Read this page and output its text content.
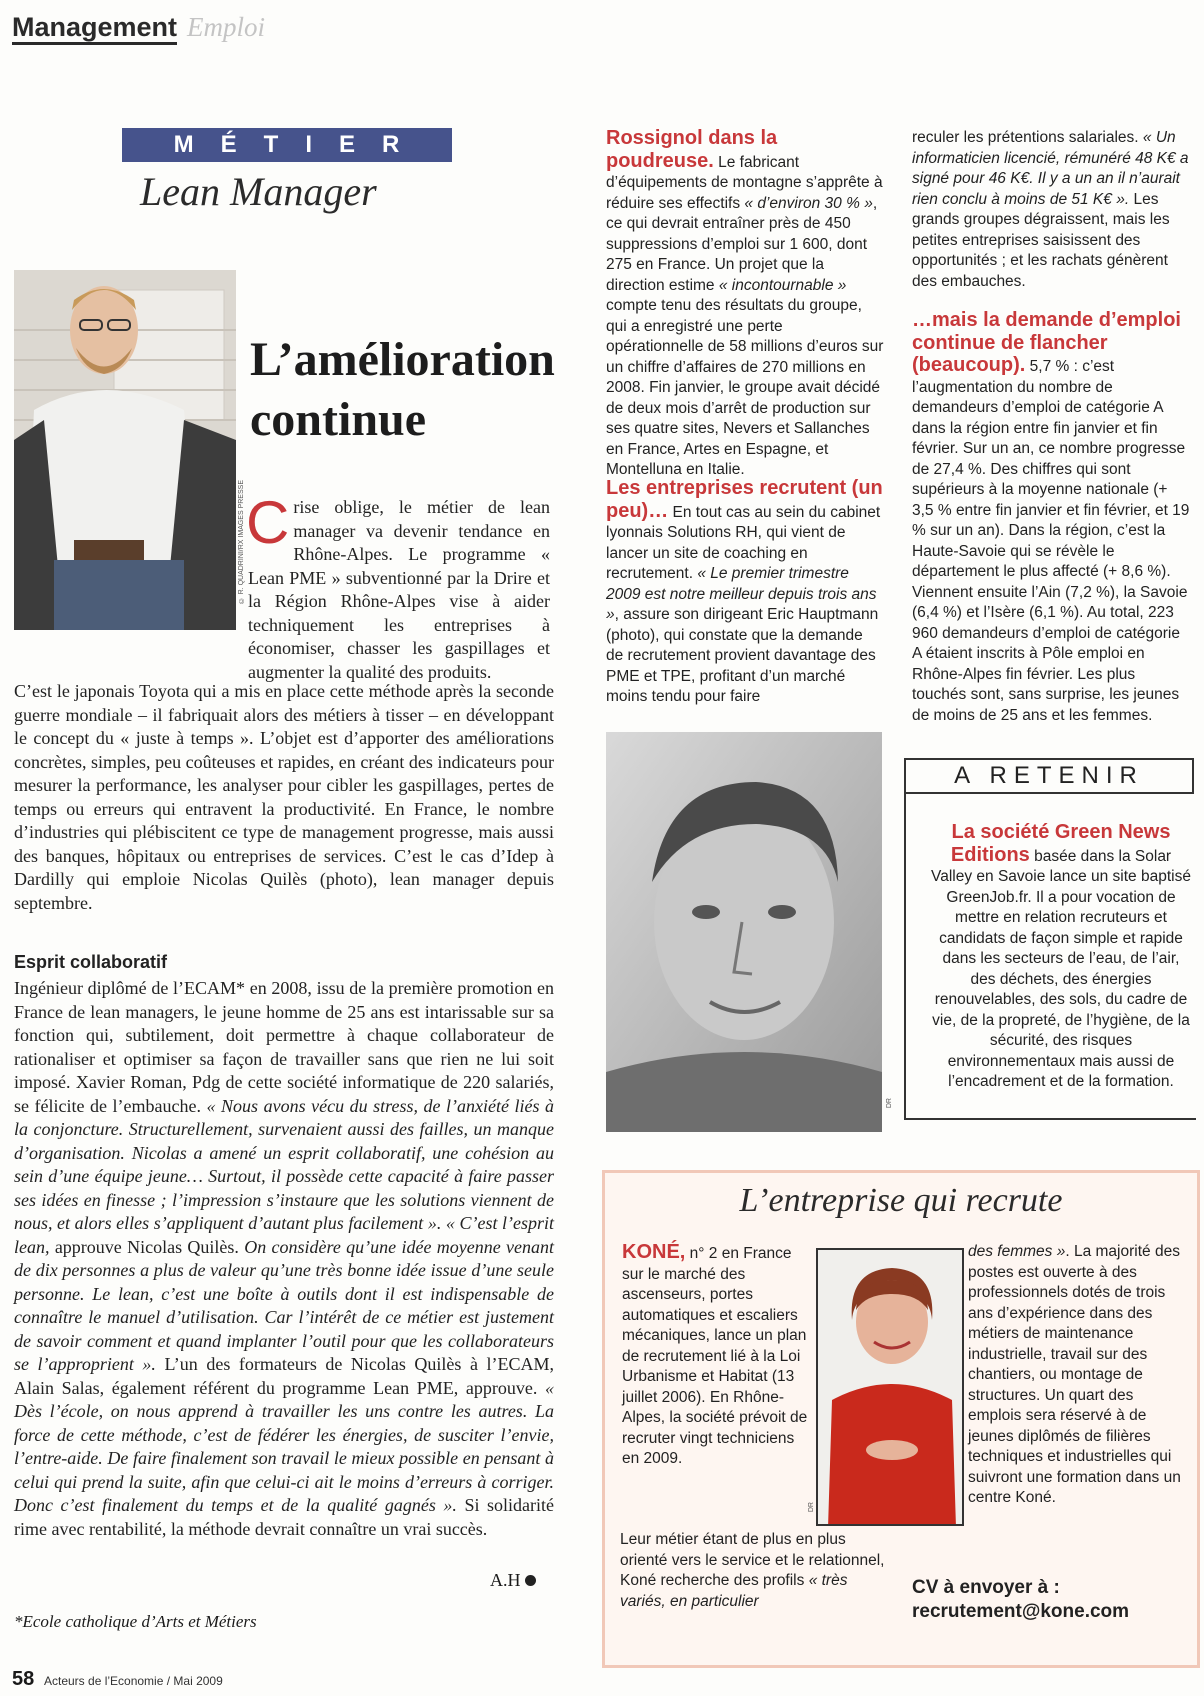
Management Emploi
MÉTIER
Lean Manager
© R. QUADRINI/RX IMAGES PRESSE
L’amélioration
continue
Crise oblige, le métier de lean manager va devenir tendance en Rhône-Alpes. Le programme « Lean PME » subventionné par la Drire et la Région Rhône-Alpes vise à aider techniquement les entreprises à économiser, chasser les gaspillages et augmenter la qualité des produits.
C’est le japonais Toyota qui a mis en place cette méthode après la seconde guerre mondiale – il fabriquait alors des métiers à tisser – en développant le concept du « juste à temps ». L’objet est d’apporter des améliorations concrètes, simples, peu coûteuses et rapides, en créant des indicateurs pour mesurer la performance, les analyser pour cibler les gaspillages, pertes de temps ou erreurs qui entravent la productivité. En France, le nombre d’industries qui plébiscitent ce type de management progresse, mais aussi des banques, hôpitaux ou entreprises de services. C’est le cas d’Idep à Dardilly qui emploie Nicolas Quilès (photo), lean manager depuis septembre.
Esprit collaboratif
Ingénieur diplômé de l’ECAM* en 2008, issu de la première promotion en France de lean managers, le jeune homme de 25 ans est intarissable sur sa fonction qui, subtilement, doit permettre à chaque collaborateur de rationaliser et optimiser sa façon de travailler sans que rien ne lui soit imposé. Xavier Roman, Pdg de cette société informatique de 220 salariés, se félicite de l’embauche. « Nous avons vécu du stress, de l’anxiété liés à la conjoncture. Structurellement, survenaient aussi des failles, un manque d’organisation. Nicolas a amené un esprit collaboratif, une cohésion au sein d’une équipe jeune… Surtout, il possède cette capacité à faire passer ses idées en finesse ; l’impression s’instaure que les solutions viennent de nous, et alors elles s’appliquent d’autant plus facilement ». « C’est l’esprit lean, approuve Nicolas Quilès. On considère qu’une idée moyenne venant de dix personnes a plus de valeur qu’une très bonne idée issue d’une seule personne. Le lean, c’est une boîte à outils dont il est indispensable de connaître le manuel d’utilisation. Car l’intérêt de ce métier est justement de savoir comment et quand implanter l’outil pour que les collaborateurs se l’approprient ». L’un des formateurs de Nicolas Quilès à l’ECAM, Alain Salas, également référent du programme Lean PME, approuve. « Dès l’école, on nous apprend à travailler les uns contre les autres. La force de cette méthode, c’est de fédérer les énergies, de susciter l’envie, l’entre-aide. De faire finalement son travail le mieux possible en pensant à celui qui prend la suite, afin que celui-ci ait le moins d’erreurs à corriger. Donc c’est finalement du temps et de la qualité gagnés ». Si solidarité rime avec rentabilité, la méthode devrait connaître un vrai succès.
A.H
*Ecole catholique d’Arts et Métiers
58 Acteurs de l’Economie / Mai 2009
Rossignol dans la poudreuse. Le fabricant d’équipements de montagne s’apprête à réduire ses effectifs « d’environ 30 % », ce qui devrait entraîner près de 450 suppressions d’emploi sur 1 600, dont 275 en France. Un projet que la direction estime « incontournable » compte tenu des résultats du groupe, qui a enregistré une perte opérationnelle de 58 millions d’euros sur un chiffre d’affaires de 270 millions en 2008. Fin janvier, le groupe avait décidé de deux mois d’arrêt de production sur ses quatre sites, Nevers et Sallanches en France, Artes en Espagne, et Montelluna en Italie.
Les entreprises recrutent (un peu)… En tout cas au sein du cabinet lyonnais Solutions RH, qui vient de lancer un site de coaching en recrutement. « Le premier trimestre 2009 est notre meilleur depuis trois ans », assure son dirigeant Eric Hauptmann (photo), qui constate que la demande de recrutement provient davantage des PME et TPE, profitant d’un marché moins tendu pour faire
reculer les prétentions salariales. « Un informaticien licencié, rémunéré 48 K€ a signé pour 46 K€. Il y a un an il n’aurait rien conclu à moins de 51 K€ ». Les grands groupes dégraissent, mais les petites entreprises saisissent des opportunités ; et les rachats génèrent des embauches.
…mais la demande d’emploi continue de flancher (beaucoup). 5,7 % : c’est l’augmentation du nombre de demandeurs d’emploi de catégorie A dans la région entre fin janvier et fin février. Sur un an, ce nombre progresse de 27,4 %. Des chiffres qui sont supérieurs à la moyenne nationale (+ 3,5 % entre fin janvier et fin février, et 19 % sur un an). Dans la région, c’est la Haute-Savoie qui se révèle le département le plus affecté (+ 8,6 %). Viennent ensuite l’Ain (7,2 %), la Savoie (6,4 %) et l’Isère (6,1 %). Au total, 223 960 demandeurs d’emploi de catégorie A étaient inscrits à Pôle emploi en Rhône-Alpes fin février. Les plus touchés sont, sans surprise, les jeunes de moins de 25 ans et les femmes.
DR
A RETENIR
La société Green News Editions basée dans la Solar Valley en Savoie lance un site baptisé GreenJob.fr. Il a pour vocation de mettre en relation recruteurs et candidats de façon simple et rapide dans les secteurs de l’eau, de l’air, des déchets, des énergies renouvelables, des sols, du cadre de vie, de la propreté, de l’hygiène, de la sécurité, des risques environnementaux mais aussi de l’encadrement et de la formation.
L’entreprise qui recrute
KONÉ, n° 2 en France sur le marché des ascenseurs, portes automatiques et escaliers mécaniques, lance un plan de recrutement lié à la Loi Urbanisme et Habitat (13 juillet 2006). En Rhône-Alpes, la société prévoit de recruter vingt techniciens en 2009.
DR
Leur métier étant de plus en plus orienté vers le service et le relationnel, Koné recherche des profils « très variés, en particulier
des femmes ». La majorité des postes est ouverte à des professionnels dotés de trois ans d’expérience dans des métiers de maintenance industrielle, travail sur des chantiers, ou montage de structures. Un quart des emplois sera réservé à de jeunes diplômés de filières techniques et industrielles qui suivront une formation dans un centre Koné.
CV à envoyer à :
recrutement@kone.com
